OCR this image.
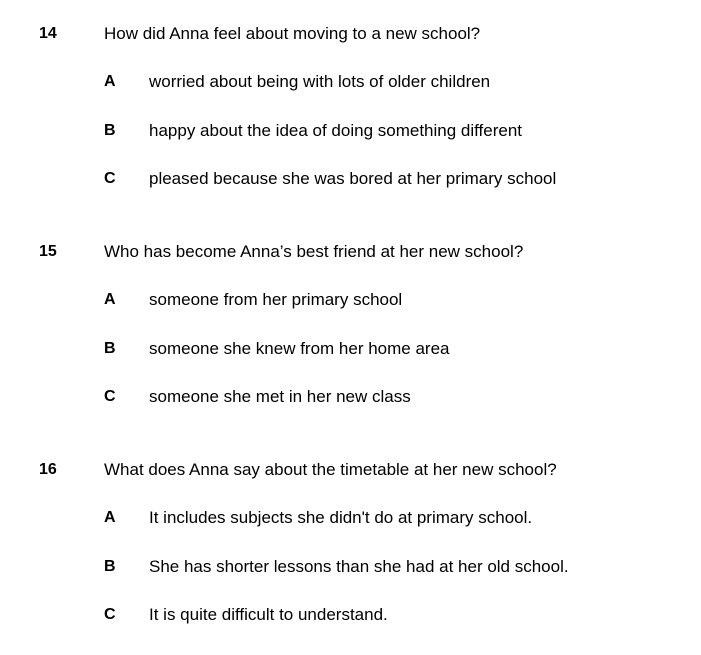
14	How did Anna feel about moving to a new school?
A worried about being with lots of older children
B happy about the idea of doing something different
C pleased because she was bored at her primary school
15	Who has become Anna’s best friend at her new school?
A someone from her primary school
B someone she knew from her home area
C someone she met in her new class
16	What does Anna say about the timetable at her new school?
A It includes subjects she didn't do at primary school.
B She has shorter lessons than she had at her old school.
C It is quite difficult to understand.
